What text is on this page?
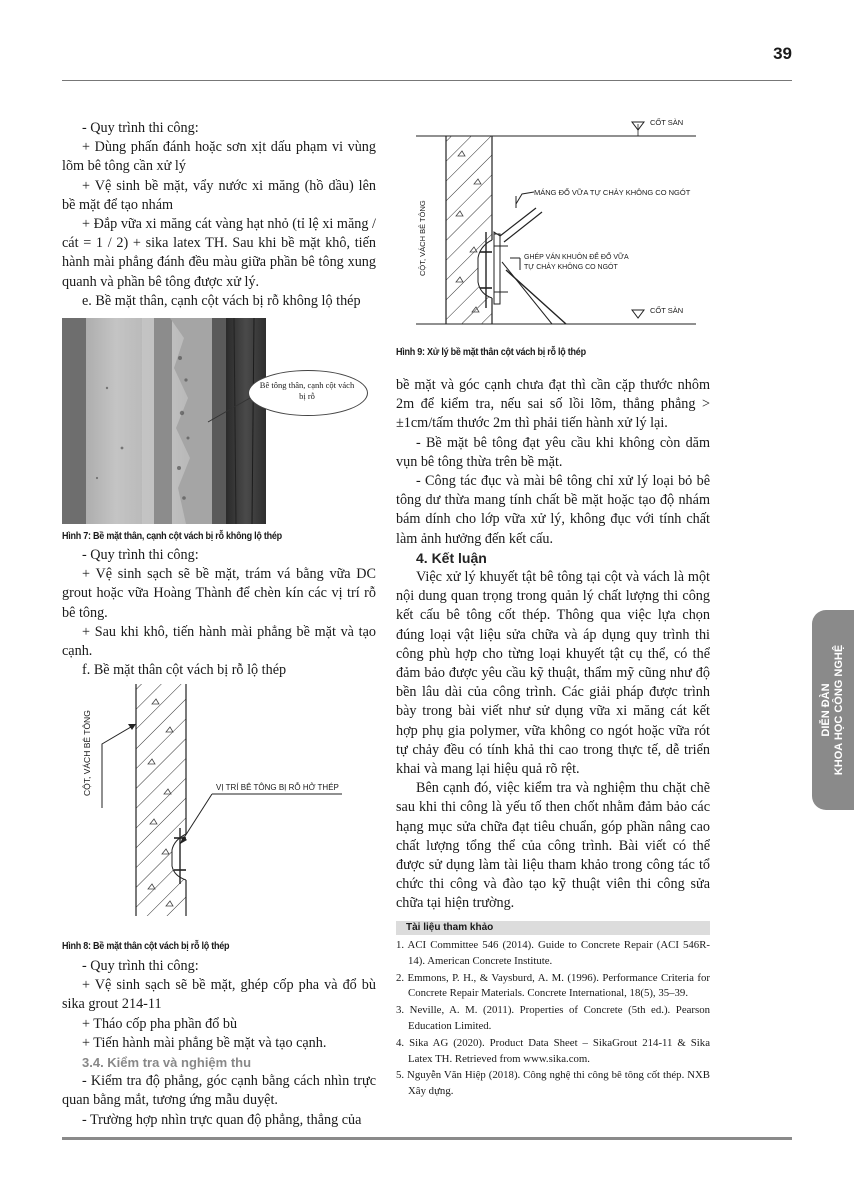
39

- Quy trình thi công:

+ Dùng phấn đánh hoặc sơn xịt dấu phạm vi vùng lõm bê tông cần xử lý

+ Vệ sinh bề mặt, vẩy nước xi măng (hồ dầu) lên bề mặt để tạo nhám

+ Đắp vữa xi măng cát vàng hạt nhỏ (tỉ lệ xi măng / cát = 1 / 2) + sika latex TH. Sau khi bề mặt khô, tiến hành mài phẳng đánh đều màu giữa phần bê tông xung quanh và phần bê tông được xử lý.

e. Bề mặt thân, cạnh cột vách bị rỗ không lộ thép

Bê tông thân, cạnh cột vách bị rỗ
Hình 7: Bề mặt thân, cạnh cột vách bị rỗ không lộ thép

- Quy trình thi công:

+ Vệ sinh sạch sẽ bề mặt, trám vá bằng vữa DC grout hoặc vữa Hoàng Thành để chèn kín các vị trí rỗ bê tông.

+ Sau khi khô, tiến hành mài phẳng bề mặt và tạo cạnh.

f. Bề mặt thân cột vách bị rỗ lộ thép

CỘT, VÁCH BÊ TÔNG	VỊ TRÍ BÊ TÔNG BỊ RỖ HỞ THÉP
Hình 8: Bề mặt thân cột vách bị rỗ lộ thép

- Quy trình thi công:

+ Vệ sinh sạch sẽ bề mặt, ghép cốp pha và đổ bù sika grout 214-11

+ Tháo cốp pha phần đổ bù

+ Tiến hành mài phẳng bề mặt và tạo cạnh.

3.4. Kiểm tra và nghiệm thu

- Kiểm tra độ phẳng, góc cạnh bằng cách nhìn trực quan bằng mắt, tương ứng mẫu duyệt.

- Trường hợp nhìn trực quan độ phẳng, thẳng của

CỐT SÀN
CỐT SÀN
CỘT, VÁCH BÊ TÔNG
MÁNG ĐỔ VỮA TỰ CHẢY KHÔNG CO NGÓT
GHÉP VÁN KHUÔN ĐỂ ĐỔ VỮA
TỰ CHẢY KHÔNG CO NGÓT
Hình 9: Xử lý bề mặt thân cột vách bị rỗ lộ thép

bề mặt và góc cạnh chưa đạt thì cần cặp thước nhôm 2m để kiểm tra, nếu sai số lồi lõm, thẳng phẳng > ±1cm/tấm thước 2m thì phải tiến hành xử lý lại.

- Bề mặt bê tông đạt yêu cầu khi không còn dăm vụn bê tông thừa trên bề mặt.

- Công tác đục và mài bê tông chỉ xử lý loại bỏ bê tông dư thừa mang tính chất bề mặt hoặc tạo độ nhám bám dính cho lớp vữa xử lý, không đục với tính chất làm ảnh hưởng đến kết cấu.

4. Kết luận

Việc xử lý khuyết tật bê tông tại cột và vách là một nội dung quan trọng trong quản lý chất lượng thi công kết cấu bê tông cốt thép. Thông qua việc lựa chọn đúng loại vật liệu sửa chữa và áp dụng quy trình thi công phù hợp cho từng loại khuyết tật cụ thể, có thể đảm bảo được yêu cầu kỹ thuật, thẩm mỹ cũng như độ bền lâu dài của công trình. Các giải pháp được trình bày trong bài viết như sử dụng vữa xi măng cát kết hợp phụ gia polymer, vữa không co ngót hoặc vữa rót tự chảy đều có tính khả thi cao trong thực tế, dễ triển khai và mang lại hiệu quả rõ rệt.

Bên cạnh đó, việc kiểm tra và nghiệm thu chặt chẽ sau khi thi công là yếu tố then chốt nhằm đảm bảo các hạng mục sửa chữa đạt tiêu chuẩn, góp phần nâng cao chất lượng tổng thể của công trình. Bài viết có thể được sử dụng làm tài liệu tham khảo trong công tác tổ chức thi công và đào tạo kỹ thuật viên thi công sửa chữa tại hiện trường.

Tài liệu tham khảo
1. ACI Committee 546 (2014). Guide to Concrete Repair (ACI 546R-14). American Concrete Institute.
2. Emmons, P. H., & Vaysburd, A. M. (1996). Performance Criteria for Concrete Repair Materials. Concrete International, 18(5), 35–39.
3. Neville, A. M. (2011). Properties of Concrete (5th ed.). Pearson Education Limited.
4. Sika AG (2020). Product Data Sheet – SikaGrout 214-11 & Sika Latex TH. Retrieved from www.sika.com.
5. Nguyễn Văn Hiệp (2018). Công nghệ thi công bê tông cốt thép. NXB Xây dựng.
DIỄN ĐÀN
KHOA HỌC CÔNG NGHỆ
